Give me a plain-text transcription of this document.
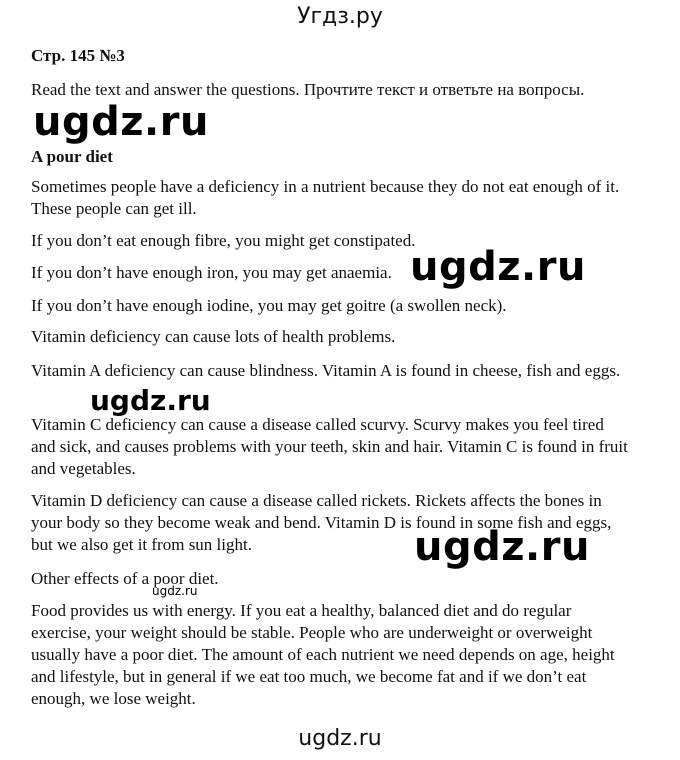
Угдз.ру
Стр. 145 №3

Read the text and answer the questions. Прочтите текст и ответьте на вопросы.

ugdz.ru

A pour diet

Sometimes people have a deficiency in a nutrient because they do not eat enough of it. These people can get ill.

If you don’t eat enough fibre, you might get constipated.

If you don’t have enough iron, you may get anaemia. ugdz.ru

If you don’t have enough iodine, you may get goitre (a swollen neck).

Vitamin deficiency can cause lots of health problems.

Vitamin A deficiency can cause blindness. Vitamin A is found in cheese, fish and eggs.

ugdz.ru

Vitamin C deficiency can cause a disease called scurvy. Scurvy makes you feel tired and sick, and causes problems with your teeth, skin and hair. Vitamin C is found in fruit and vegetables.

Vitamin D deficiency can cause a disease called rickets. Rickets affects the bones in your body so they become weak and bend. Vitamin D is found in some fish and eggs, but we also get it from sun light.	ugdz.ru

Other effects of a poor diet.

ugdz.ru

Food provides us with energy. If you eat a healthy, balanced diet and do regular exercise, your weight should be stable. People who are underweight or overweight usually have a poor diet. The amount of each nutrient we need depends on age, height and lifestyle, but in general if we eat too much, we become fat and if we don’t eat enough, we lose weight.

ugdz.ru
